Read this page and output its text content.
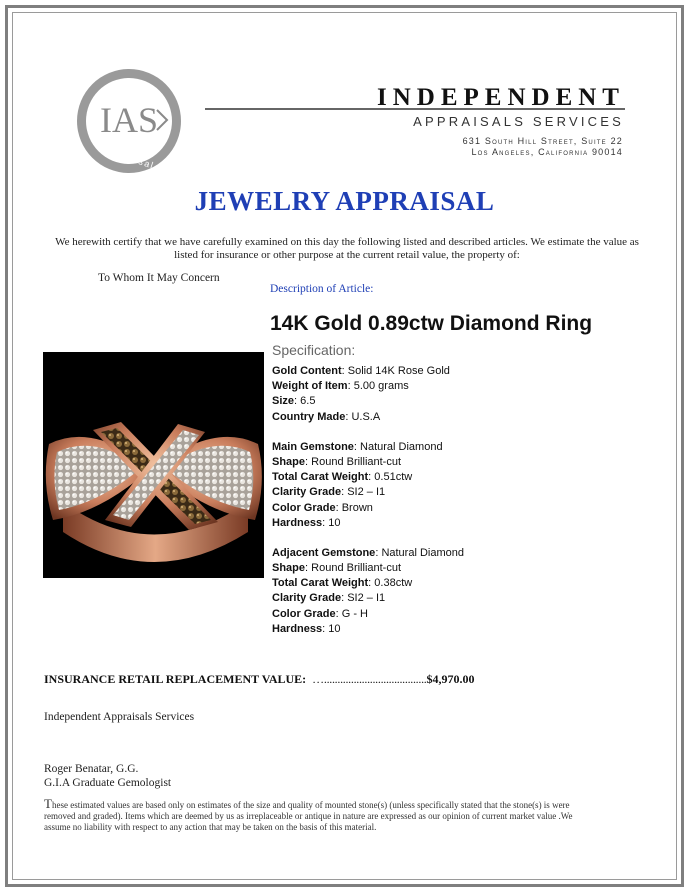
IAS
Appraisal
INDEPENDENT
APPRAISALS SERVICES
631 South Hill Street, Suite 22
Los Angeles, California 90014
JEWELRY APPRAISAL
We herewith certify that we have carefully examined on this day the following listed and described articles. We estimate the value as listed for insurance or other purpose at the current retail value, the property of:
To Whom It May Concern
Description of Article:
14K Gold 0.89ctw Diamond Ring
Specification:
Gold Content: Solid 14K Rose Gold
Weight of Item: 5.00 grams
Size: 6.5
Country Made: U.S.A
Main Gemstone: Natural Diamond
Shape: Round Brilliant-cut
Total Carat Weight: 0.51ctw
Clarity Grade: SI2 – I1
Color Grade: Brown
Hardness: 10
Adjacent Gemstone: Natural Diamond
Shape: Round Brilliant-cut
Total Carat Weight: 0.38ctw
Clarity Grade: SI2 – I1
Color Grade: G - H
Hardness: 10
INSURANCE RETAIL REPLACEMENT VALUE: …......................................$4,970.00
Independent Appraisals Services
Roger Benatar, G.G.
G.I.A Graduate Gemologist
These estimated values are based only on estimates of the size and quality of mounted stone(s) (unless specifically stated that the stone(s) is were removed and graded). Items which are deemed by us as irreplaceable or antique in nature are expressed as our opinion of current market value .We assume no liability with respect to any action that may be taken on the basis of this material.
